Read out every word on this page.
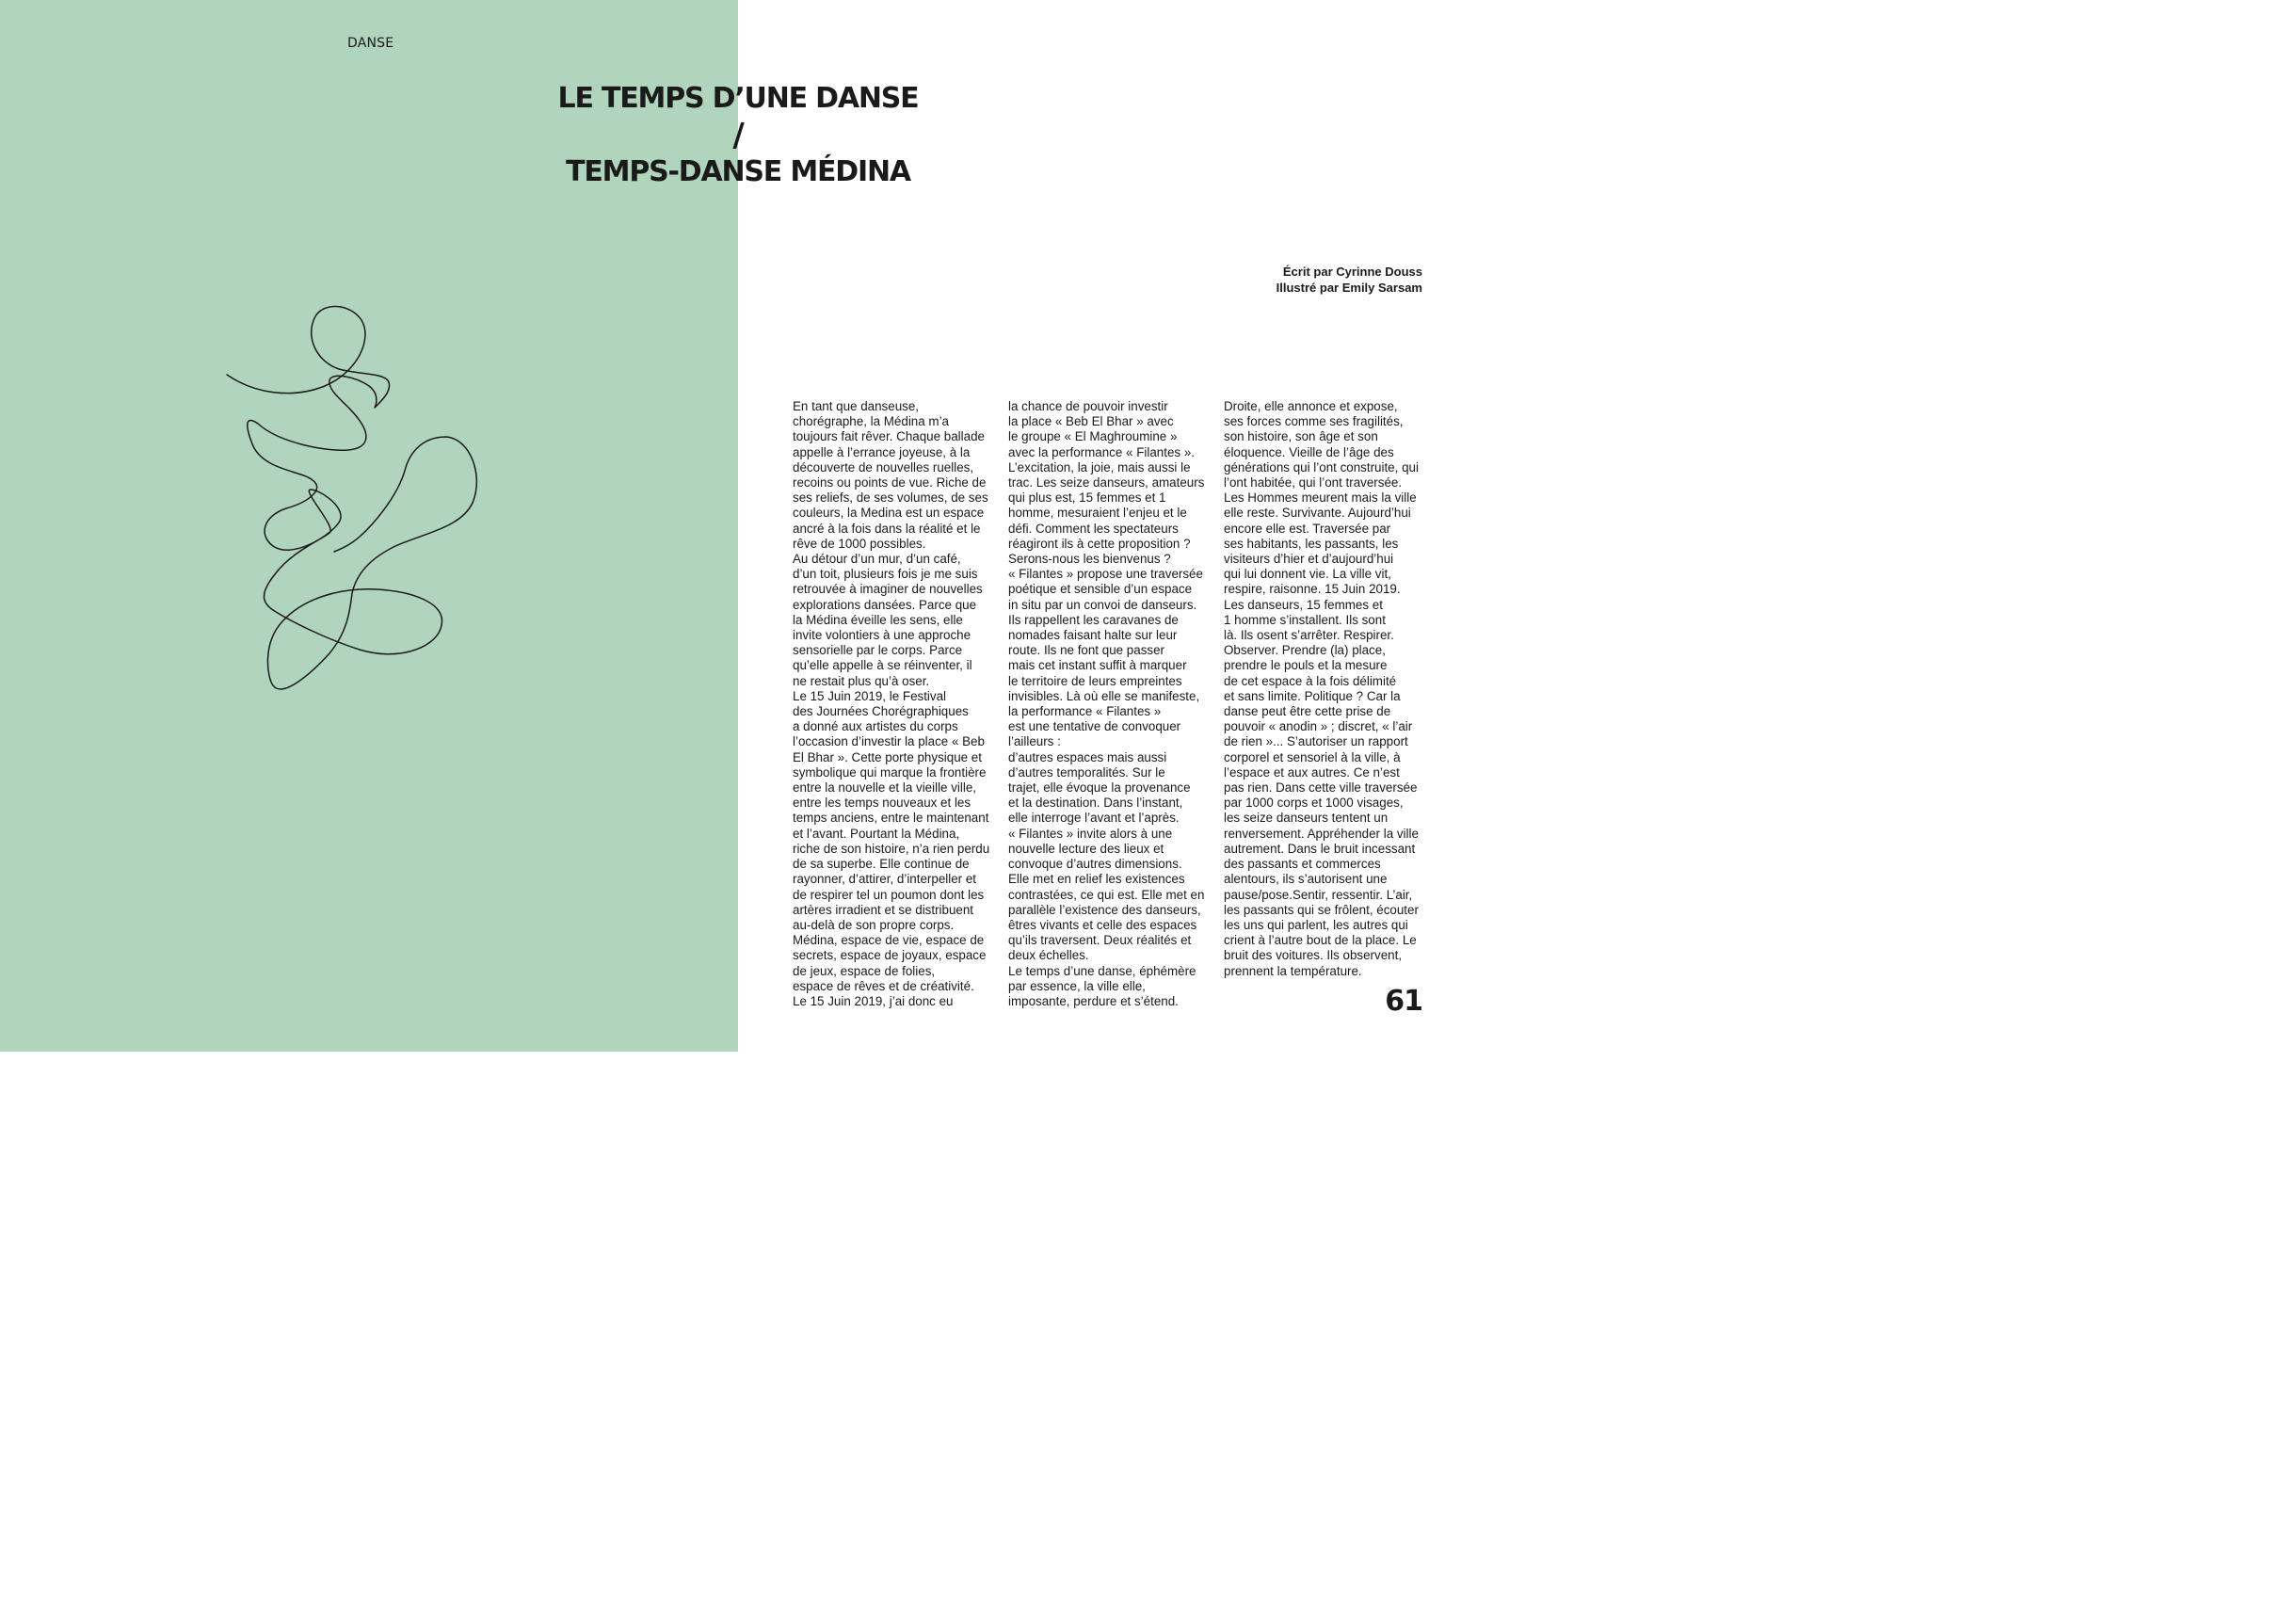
DANSE
LE TEMPS D’UNE DANSE
/
TEMPS-DANSE MÉDINA
Écrit par Cyrinne Douss
Illustré par Emily Sarsam
En tant que danseuse,
chorégraphe, la Médina m’a
toujours fait rêver. Chaque ballade
appelle à l’errance joyeuse, à la
découverte de nouvelles ruelles,
recoins ou points de vue. Riche de
ses reliefs, de ses volumes, de ses
couleurs, la Medina est un espace
ancré à la fois dans la réalité et le
rêve de 1000 possibles.
Au détour d’un mur, d’un café,
d’un toit, plusieurs fois je me suis
retrouvée à imaginer de nouvelles
explorations dansées. Parce que
la Médina éveille les sens, elle
invite volontiers à une approche
sensorielle par le corps. Parce
qu’elle appelle à se réinventer, il
ne restait plus qu’à oser.
Le 15 Juin 2019, le Festival
des Journées Chorégraphiques
a donné aux artistes du corps
l’occasion d’investir la place « Beb
El Bhar ». Cette porte physique et
symbolique qui marque la frontière
entre la nouvelle et la vieille ville,
entre les temps nouveaux et les
temps anciens, entre le maintenant
et l’avant. Pourtant la Médina,
riche de son histoire, n’a rien perdu
de sa superbe. Elle continue de
rayonner, d’attirer, d’interpeller et
de respirer tel un poumon dont les
artères irradient et se distribuent
au-delà de son propre corps.
Médina, espace de vie, espace de
secrets, espace de joyaux, espace
de jeux, espace de folies,
espace de rêves et de créativité.
Le 15 Juin 2019, j’ai donc eu
la chance de pouvoir investir
la place « Beb El Bhar » avec
le groupe « El Maghroumine »
avec la performance « Filantes ».
L’excitation, la joie, mais aussi le
trac. Les seize danseurs, amateurs
qui plus est, 15 femmes et 1
homme, mesuraient l’enjeu et le
défi. Comment les spectateurs
réagiront ils à cette proposition ?
Serons-nous les bienvenus ?
« Filantes » propose une traversée
poétique et sensible d’un espace
in situ par un convoi de danseurs.
Ils rappellent les caravanes de
nomades faisant halte sur leur
route. Ils ne font que passer
mais cet instant suffit à marquer
le territoire de leurs empreintes
invisibles. Là où elle se manifeste,
la performance « Filantes »
est une tentative de convoquer
l’ailleurs :
d’autres espaces mais aussi
d’autres temporalités. Sur le
trajet, elle évoque la provenance
et la destination. Dans l’instant,
elle interroge l’avant et l’après.
« Filantes » invite alors à une
nouvelle lecture des lieux et
convoque d’autres dimensions.
Elle met en relief les existences
contrastées, ce qui est. Elle met en
parallèle l’existence des danseurs,
êtres vivants et celle des espaces
qu’ils traversent. Deux réalités et
deux échelles.
Le temps d’une danse, éphémère
par essence, la ville elle,
imposante, perdure et s’étend.
Droite, elle annonce et expose,
ses forces comme ses fragilités,
son histoire, son âge et son
éloquence. Vieille de l’âge des
générations qui l’ont construite, qui
l’ont habitée, qui l’ont traversée.
Les Hommes meurent mais la ville
elle reste. Survivante. Aujourd’hui
encore elle est. Traversée par
ses habitants, les passants, les
visiteurs d’hier et d’aujourd’hui
qui lui donnent vie. La ville vit,
respire, raisonne. 15 Juin 2019.
Les danseurs, 15 femmes et
1 homme s’installent. Ils sont
là. Ils osent s’arrêter. Respirer.
Observer. Prendre (la) place,
prendre le pouls et la mesure
de cet espace à la fois délimité
et sans limite. Politique ? Car la
danse peut être cette prise de
pouvoir « anodin » ; discret, « l’air
de rien »... S’autoriser un rapport
corporel et sensoriel à la ville, à
l’espace et aux autres. Ce n’est
pas rien. Dans cette ville traversée
par 1000 corps et 1000 visages,
les seize danseurs tentent un
renversement. Appréhender la ville
autrement. Dans le bruit incessant
des passants et commerces
alentours, ils s’autorisent une
pause/pose.Sentir, ressentir. L’air,
les passants qui se frôlent, écouter
les uns qui parlent, les autres qui
crient à l’autre bout de la place. Le
bruit des voitures. Ils observent,
prennent la température.
61
